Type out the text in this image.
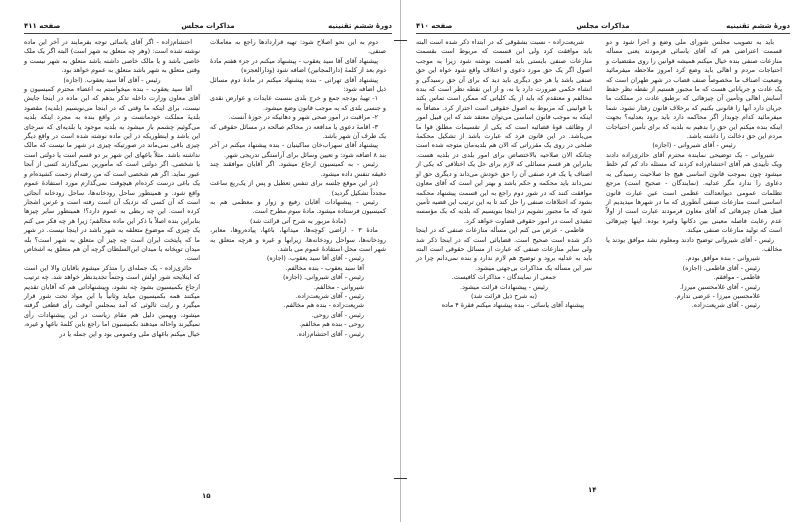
دورهٔ ششم تقنینیه
مذاکرات مجلس
صفحه ۴۱۱

دوم به این نحو اصلاح شود: تهیه قراردادها راجع به معاملات صنفی.

پیشنهاد آقای آقا سید یعقوب - پیشنهاد میکنم در جزء هفتم مادهٔ دوم بعد از کلمهٔ (دارالمجانین) اضافه شود (ودارالعجزه)

پیشنهاد آقای تهرانی - بنده پیشنهاد میکنم در مادهٔ دوم مسائل ذیل اضافه شود:

۱- تهیهٔ بودجه جمع و خرج بلدی بنسبت عایدات و عوارض نقدی و جنسی بلدی که به موجب قانون وضع میشود.

۲- مراقبت در امور صحی شهر و دهاتیکه در حوزهٔ آنست.

۳- اقامهٔ دعوی یا مدافعه در محاکم صالحه در مسائل حقوقی که یک طرف آن شهر باشد.

پیشنهاد آقای سهراب‌خان ساکینیان - بنده پیشنهاد میکنم در آخر بند ۸ اضافه شود: و تعیین وسائل برای آراستگی تدریجی شهر.

رئیس - به کمیسیون ارجاع میشود. اگر آقایان موافقند چند دقیقه تنفس داده میشود.

(در این موقع جلسه برای تنفس تعطیل و پس از یک‌ربع ساعت مجدداً تشکیل گردید)

رئیس - پیشنهادات آقایان رفیع و زوار و معظمی هم به کمیسیون فرستاده میشود. مادهٔ سوم مطرح است.

(مادهٔ مزبور به شرح آتی قرائت شد)

مادهٔ ۳ - اراضی کوچه‌ها، میدانها، باغها، پیاده‌روها، معابر، رودخانه‌ها، سواحل رودخانه‌ها، زیرابها و غیره و هرچه متعلق به شهر است محل استفادهٔ عموم می باشد.

رئیس - آقای آقا سید یعقوب. (اجازه)

آقا سید یعقوب - بنده مخالفم.

رئیس - آقای شیروانی. (اجازه)

شیروانی - مخالفم.

رئیس - آقای شریعت‌زاده.

شریعت‌زاده - بنده هم مخالفم.

رئیس - آقای روحی.

روحی - بنده هم مخالفم.

رئیس - آقای احتشام‌زاده.

احتشام‌زاده - اگر آقای یاسائی توجه بفرمایند در آخر این ماده نوشته شده است: (وهر چه متعلق به شهر است) البته اگر یک ملک خاصی باشد و یا مالک خاصی داشته باشد متعلق به شهر نیست و وقتی متعلق به شهر باشد متعلق به عموم خواهد بود.

رئیس - آقای آقا سید یعقوب. (اجازه)

آقا سید یعقوب - بنده میخواستم به اعضاء محترم کمیسیون و آقای معاون وزارت داخله تذکر بدهم که این ماده در اینجا جایش نیست، برای اینکه ما وقتی که در اینجا می‌نویسیم (بلدیه) مقصود بلدیهٔ مملکت خودمانست و در واقع بنده به مجرد اینکه بلدیه می‌گوئیم چشمم باز میشود به بلدیه موجود یا بلدیه‌ای که سرجای این باشد و اینطوریکه در این ماده نوشته شده است در واقع دیگر چیزی باقی نمی‌ماند در صورتیکه چیزی در شهر ما نیست که مالک نداشته باشد. مثلاً باغهای این شهر بر دو قسم است یا دولتی است یا شخصی. اگر دولتی است که مأمورین نمی‌گذارند کسی از آنجا عبور نماید. اگر هم شخصی است که من رفته‌ام زحمت کشیده‌ام و یک باغی درست کرده‌ام هیچوقت نمی‌گذارم مورد استفادهٔ عموم واقع شود. و همینطور ساحل رودخانه‌ها، ساحل رودخانه آنجائی است که آن کسی که نزدیک آن است رفته است و غرس اشجار کرده است. این چه ربطی به عموم دارد؟! همینطور سایر چیزها بنابراین بنده اصلاً با ذکر این ماده مخالفم؛ زیرا هر چه فکر می کنم یک چیزی که موضوع متعلقه به شهر باشد در اینجا نیست. در شهر ما که پایتخت ایران است چه چیز آن متعلق به شهر است؟ بله میدان توپخانه یا میدان ابن‌السلطان گرچه آن هم متعلق به اشخاص است.

حائری‌زاده - یک جمله‌ای را متذکر میشوم باقایان والا این است که اینلایحه شور اولش است وحتماً تجدیدنظر خواهد شد. چه ترتیب ارجاع بکمیسیون بشود چه نشود، وپیشنهاداتی هم که آقایان تقدیم میکنند همه بکمیسیون میاید وثانیاً با این مواد تحت شور قرار میگیرد و رایت ثالوثی که آمد بمجلس آنوقت رأی قطعی گرفته میشود، وبهمین دلیل هم مقام ریاست در این پیشنهادات رأی نمیگیرند واحاله میدهند بکمیسیون اما راجع باین کلمهٔ باغها و غیره، خیال میکنم باغهای ملی وعمومی بود و این جمله یا در

۱۵
دورهٔ ششم تقنینیه
مذاکرات مجلس
صفحه ۴۱۰

باید به تصویب مجلس شورای ملی وضع و اجرا شود و دو قسمت اعتراضی هم که آقای یاسائی فرمودند یعنی مسأله منازعات صنفی بنده خیال میکنم همیشه قوانین را روی مقتضیات و احتیاجات مردم و اهالی باید وضع کرد امروز ملاحظه میفرمائید وضعیت اصناف ما مخصوصاً صنف قصاب در شهر طهران است که یک عادت و جریاناتی هست که ما مجبور هستیم از نقطه نظر حفظ آسایش اهالی وتأمین آن چیزهائی که برطبق عادت در مملکت ما جریان دارد آنها را قانونی بکنیم که برخلاف قانون رفتار نشود. شما میفرمائید کدام چوبدار اگر محاکمه دارد باید برود بعدلیه؟ بجهت اینکه بنده میکنم این حق را بدهیم به بلدیه که برای تأمین احتیاجات مردم این حق دخالت را داشته باشد.

رئیس - آقای شیروانی - (اجازه)

شیروانی - یک توضیحی نماینده محترم آقای حائری‌زاده دادند ویک تأییدی هم آقای احتشام‌زاده کردند که مسئله داد کم کم خلط میشود چون بموجب قانون اساسی هیچ جا صلاحیت رسیدگی به دعاوی را ندارد مگر عدلیه. (نمایندگان - صحیح است) مرجع تظلمات عمومی دیوانعدالت عظمی است عین عبارت قانون اساسی است منازعات صنفی آنطوری که ما در شهرها میدیدیم از قبیل همان چیزهائی که آقای معاون فرمودند عبارت است از اولاً عدم رعایت فاصله معینی بین دکانها وغیره بوده. اینها چیزهائی است که تولید منازعات صنفی میکند.

رئیس - آقای شیروانی توضیح دادند ومعلوم نشد موافق بودند یا مخالف.

شیروانی - بنده موافق بودم.

رئیس - آقای فاطمی. (اجازه)

فاطمی - موافقم.

رئیس - آقای غلامحسین میرزا.

غلامحسین میرزا - عرضی ندارم.

رئیس - آقای شریعت‌زاده.

شریعت‌زاده - نسبت بشقوقی که در ابتداء ذکر شده است البته باید موافقت کرد ولی این قسمت که مربوط است بقسمت منازعات صنفی بایستی باید اهمیت نوشته شود زیرا به موجب اصول اگر یک حق مورد دعوی و اختلاف واقع شود خواه این حق صنفی باشد یا هر حق دیگری باید دید که برای آن حق رسیدگی و انشاء حکمی ضرورت دارد یا نه، و از این نقطه نظر است که بنده مخالفم و معتقدم که باید از یک کلیاتی که ممکن است تماس بکند با قوانینی که مربوط به اصول حقوقی است احتراز کرد. مضافاً به اینکه به موجب قانون اساسی می‌توان معتقد شد که این قبیل امور از وظائف قوهٔ قضائیه است که یکی از تقسیمات مطلق قوا ما می‌باشد. در این قانون فرد که عبارت باشد از تشکیل محکمهٔ صلحی در روی یک مقرراتی که الان هم بلدیه‌مان متوجه شده است چنانکه الان صلاحیه بالاختصاص برای امور بلدی در بلدیه هست. بنابراین هر قسم مسائلی که لازم برای حل یک اختلافی که یکی از اصناف یا یک فرد صنفی آن را حق خودش می‌داند و دیگری حق او نمی‌داند باید محکمه و حکم باشد و بهتر این است که آقای معاون موافقت کنند که در شور دوم راجع به این قسمت پیشنهاد محکمه بشود که اختلافات صنفی را حل کند تا به این ترتیب این قضیه تأمین شود که ما مجبور نشویم در اینجا بنویسیم که بلدیه که یک مؤسسه تنفیذی است در امور حقوقی قضاوت خواهد کرد.

فاطمی - عرض می کنم این مسأله منازعات صنفی که در اینجا ذکر شده است صحیح است. قضایائی است که در اینجا ذکر شد ولی سایر منازعات صنفی که عبارت از مسائل حقوقی است البته باید به عدلیه برود و توضیح هم لازم ندارد و بنده نمی‌دانم چرا در سر این مسأله یک مذاکرات بی‌جهتی میشود.

جمعی از نمایندگان - مذاکرات کافیست.

رئیس - پیشنهادات قرائت میشود.

(به شرح ذیل قرائت شد)

پیشنهاد آقای یاسائی - بنده پیشنهاد میکنم فقرهٔ ۴ ماده

۱۴
